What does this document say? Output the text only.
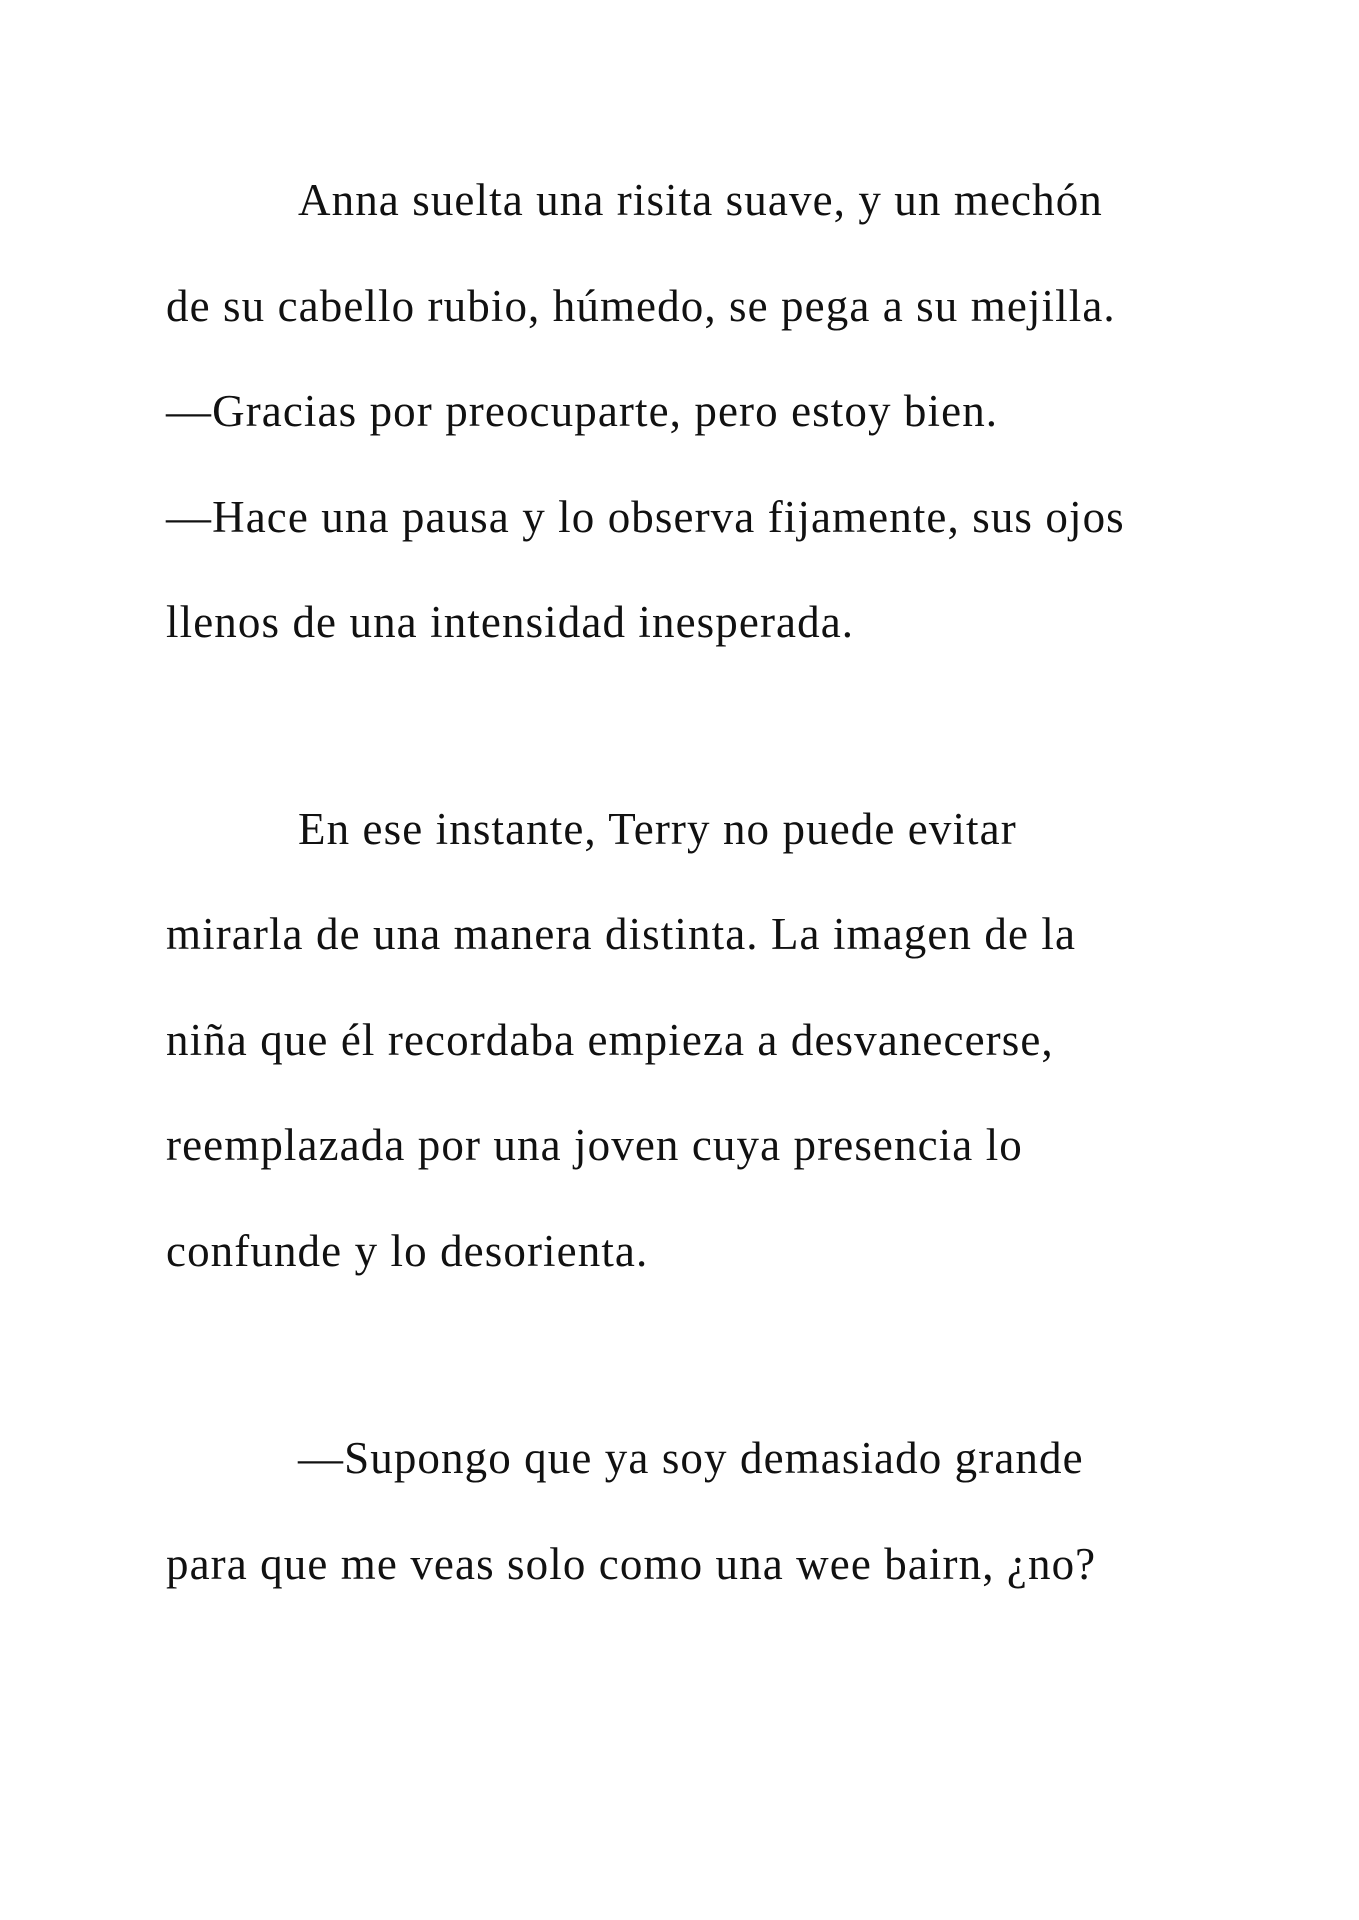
Anna suelta una risita suave, y un mechón
de su cabello rubio, húmedo, se pega a su mejilla.
—Gracias por preocuparte, pero estoy bien.
—Hace una pausa y lo observa fijamente, sus ojos
llenos de una intensidad inesperada.
En ese instante, Terry no puede evitar
mirarla de una manera distinta. La imagen de la
niña que él recordaba empieza a desvanecerse,
reemplazada por una joven cuya presencia lo
confunde y lo desorienta.
—Supongo que ya soy demasiado grande
para que me veas solo como una wee bairn, ¿no?
